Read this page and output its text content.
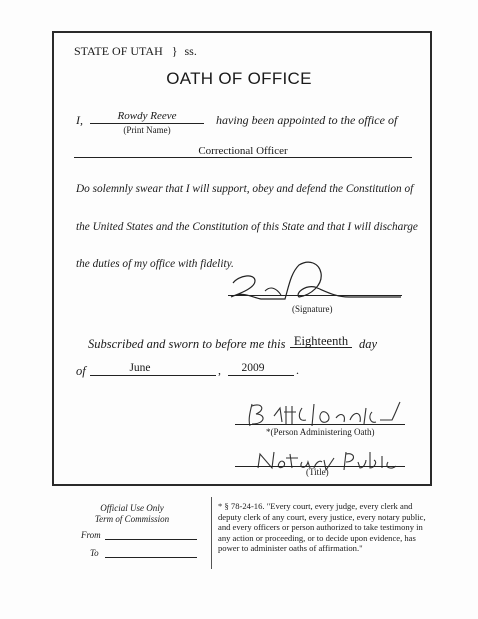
STATE OF UTAH } ss.
OATH OF OFFICE
I,	Rowdy Reeve
(Print Name)
having been appointed to the office of
Correctional Officer
Do solemnly swear that I will support, obey and defend the Constitution of
the United States and the Constitution of this State and that I will discharge
the duties of my office with fidelity.
(Signature)
Subscribed and sworn to before me this Eighteenth day
of	June	,	2009	.
*(Person Administering Oath)
(Title)
Official Use Only
Term of Commission
From
To
* § 78-24-16. "Every court, every judge, every clerk and deputy clerk of any court, every justice, every notary public, and every officers or person authorized to take testimony in any action or proceeding, or to decide upon evidence, has power to administer oaths of affirmation."
